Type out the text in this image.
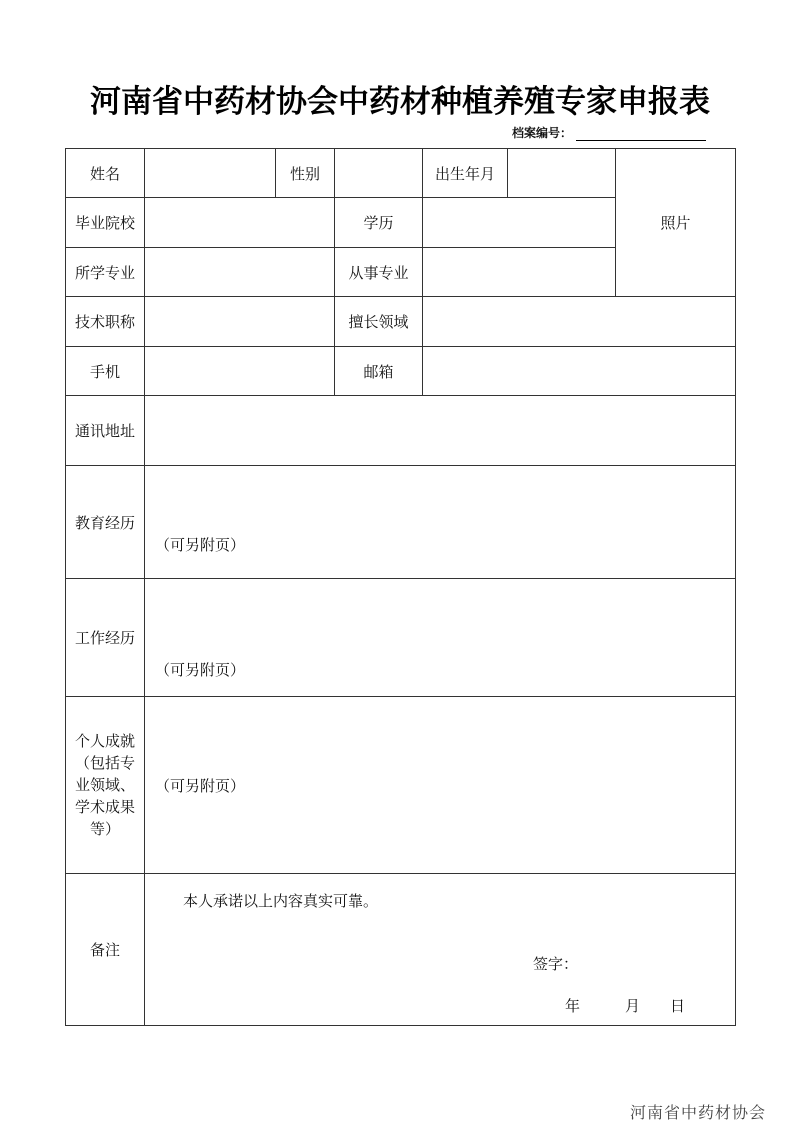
河南省中药材协会中药材种植养殖专家申报表
档案编号：
姓名		性别		出生年月		照片
毕业院校			学历			
所学专业			从事专业			
技术职称			擅长领域			
手机			邮箱			
通讯地址						
教育经历	（可另附页）					

工作经历	（可另附页）					

个人成就（包括专业领域、学术成果等）	（可另附页）					

备注	本人承诺以上内容真实可靠。
签字：
年 月 日					
河南省中药材协会
